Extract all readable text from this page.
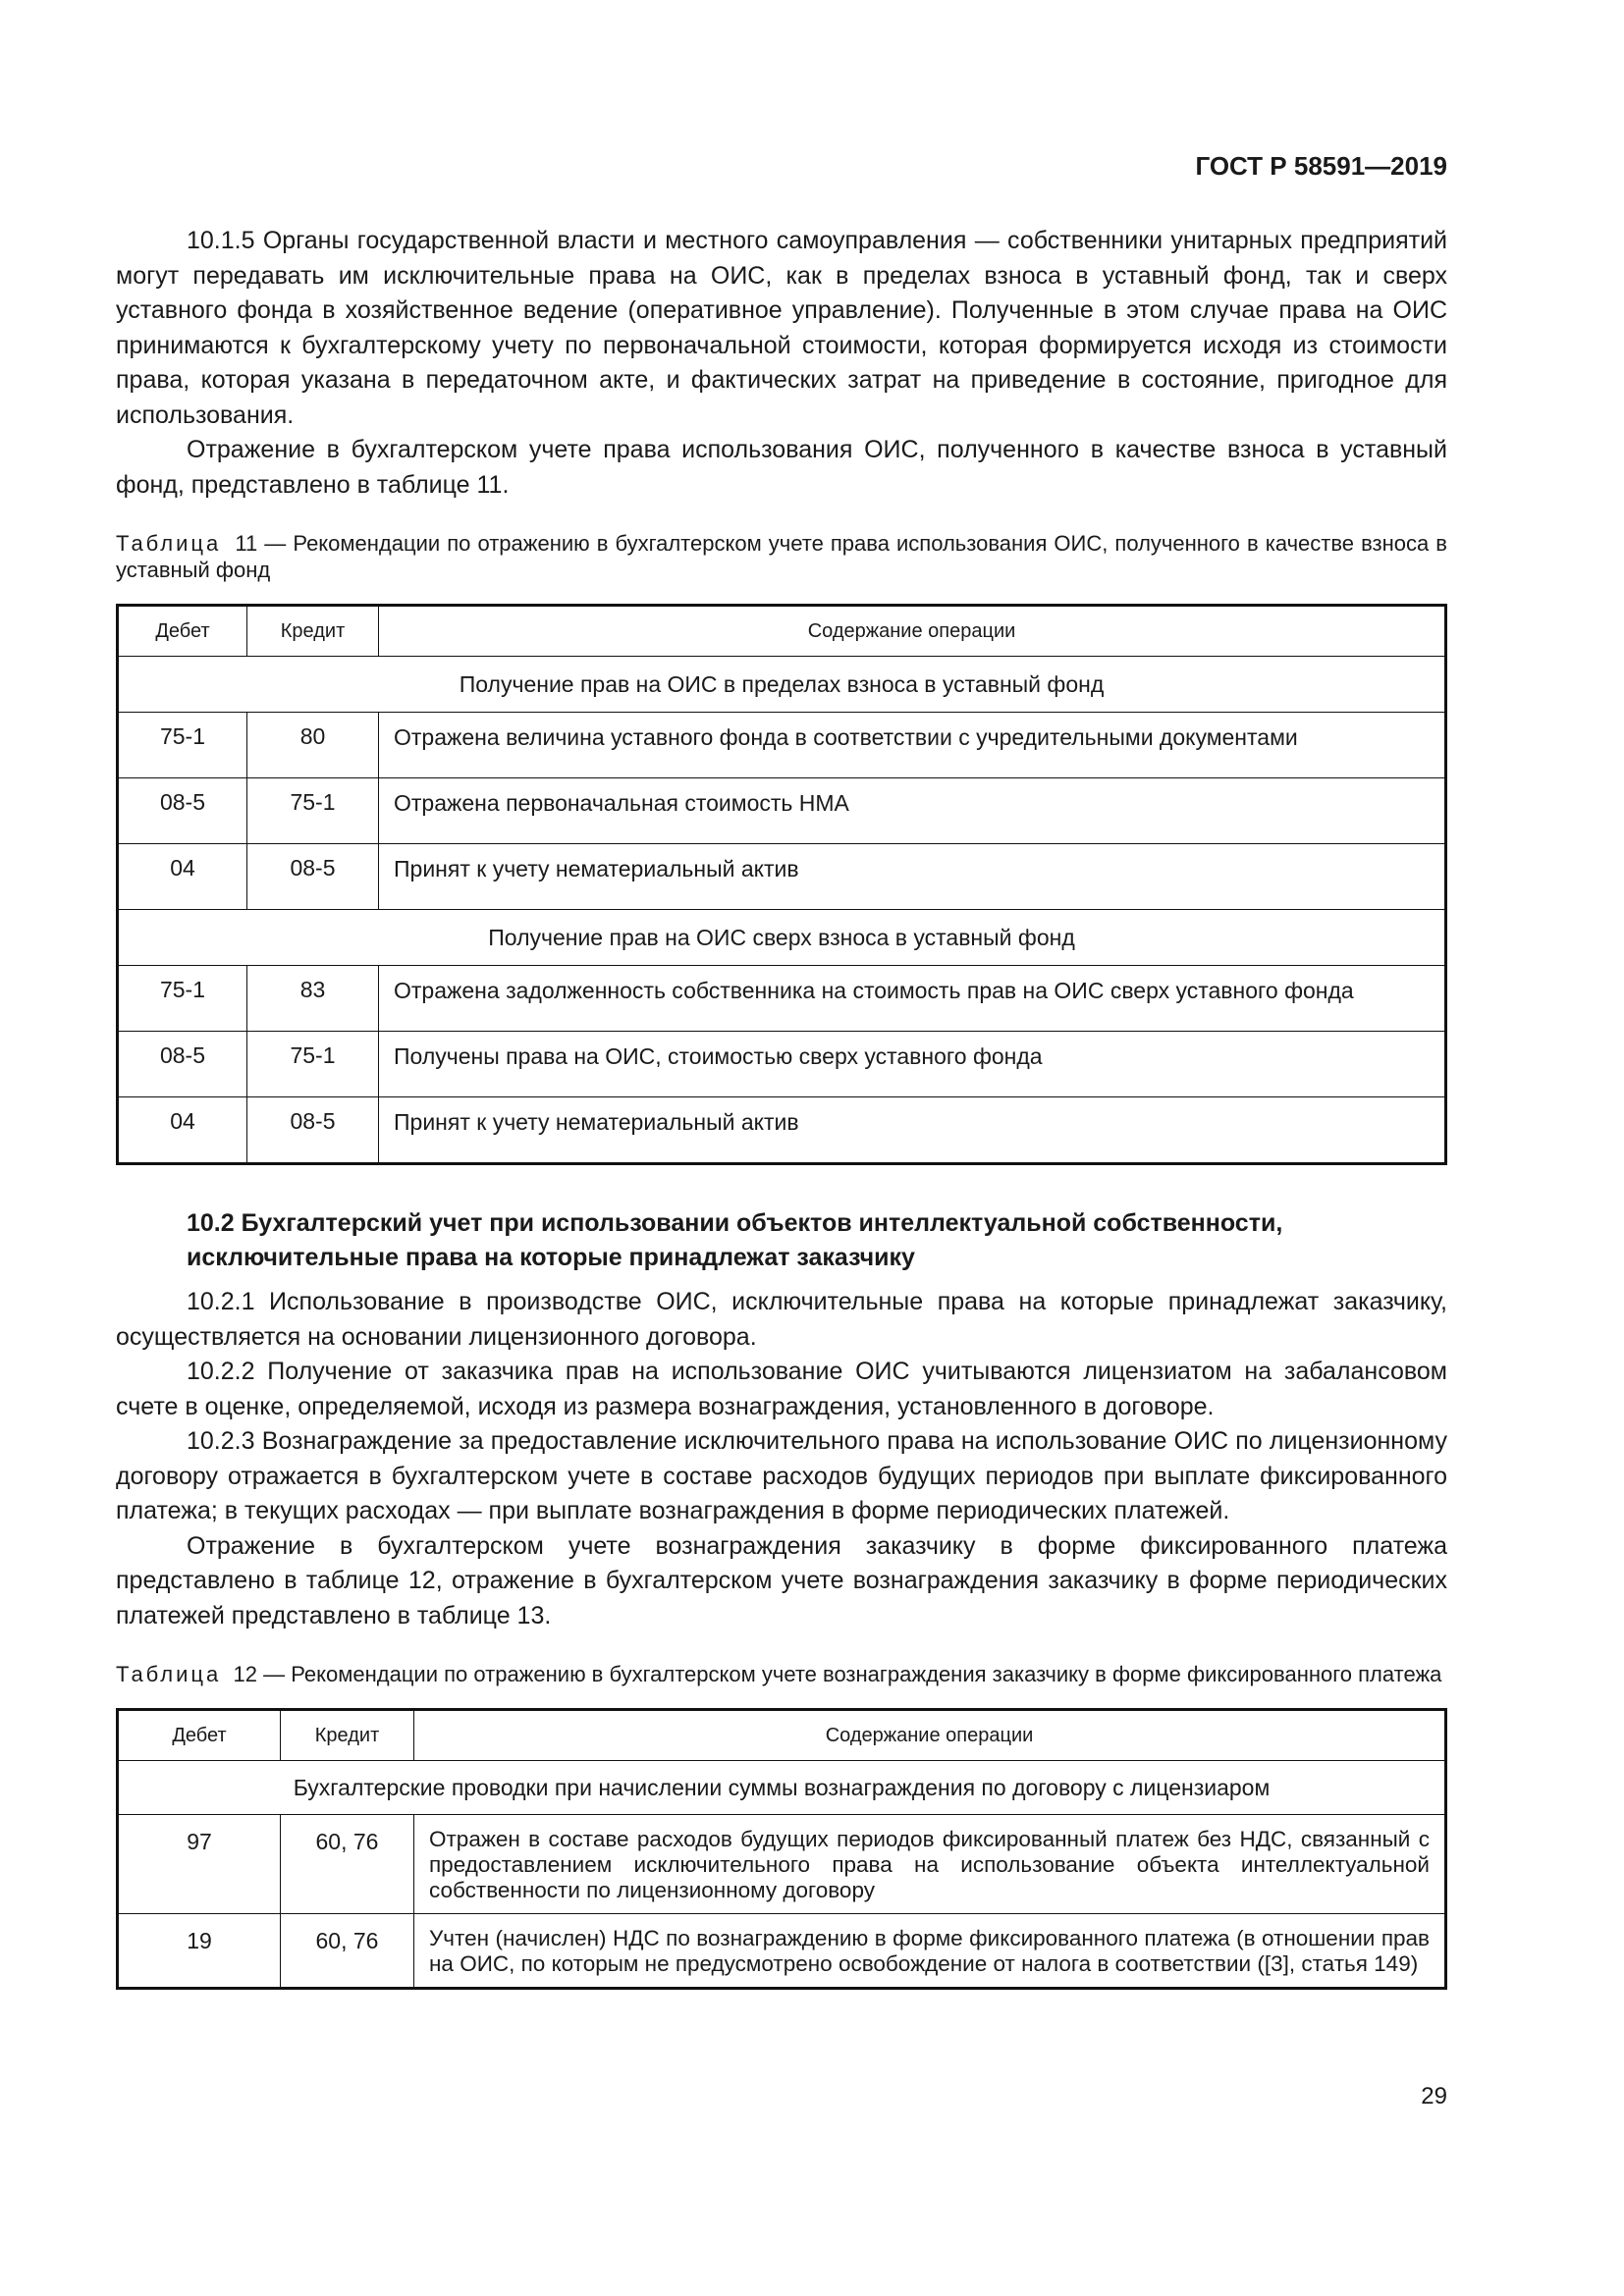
ГОСТ Р 58591—2019

10.1.5 Органы государственной власти и местного самоуправления — собственники унитарных предприятий могут передавать им исключительные права на ОИС, как в пределах взноса в уставный фонд, так и сверх уставного фонда в хозяйственное ведение (оперативное управление). Полученные в этом случае права на ОИС принимаются к бухгалтерскому учету по первоначальной стоимости, которая формируется исходя из стоимости права, которая указана в передаточном акте, и фактических затрат на приведение в состояние, пригодное для использования.

Отражение в бухгалтерском учете права использования ОИС, полученного в качестве взноса в уставный фонд, представлено в таблице 11.

Таблица 11 — Рекомендации по отражению в бухгалтерском учете права использования ОИС, полученного в качестве взноса в уставный фонд
Дебет	Кредит	Содержание операции
Получение прав на ОИС в пределах взноса в уставный фонд		
75-1	80	Отражена величина уставного фонда в соответствии с учредительными документами
08-5	75-1	Отражена первоначальная стоимость НМА
04	08-5	Принят к учету нематериальный актив
Получение прав на ОИС сверх взноса в уставный фонд		
75-1	83	Отражена задолженность собственника на стоимость прав на ОИС сверх уставного фонда
08-5	75-1	Получены права на ОИС, стоимостью сверх уставного фонда
04	08-5	Принят к учету нематериальный актив
10.2 Бухгалтерский учет при использовании объектов интеллектуальной собственности,
исключительные права на которые принадлежат заказчику

10.2.1 Использование в производстве ОИС, исключительные права на которые принадлежат заказчику, осуществляется на основании лицензионного договора.

10.2.2 Получение от заказчика прав на использование ОИС учитываются лицензиатом на забалансовом счете в оценке, определяемой, исходя из размера вознаграждения, установленного в договоре.

10.2.3 Вознаграждение за предоставление исключительного права на использование ОИС по лицензионному договору отражается в бухгалтерском учете в составе расходов будущих периодов при выплате фиксированного платежа; в текущих расходах — при выплате вознаграждения в форме периодических платежей.

Отражение в бухгалтерском учете вознаграждения заказчику в форме фиксированного платежа представлено в таблице 12, отражение в бухгалтерском учете вознаграждения заказчику в форме периодических платежей представлено в таблице 13.

Таблица 12 — Рекомендации по отражению в бухгалтерском учете вознаграждения заказчику в форме фиксированного платежа
Дебет	Кредит	Содержание операции
Бухгалтерские проводки при начислении суммы вознаграждения по договору с лицензиаром		
97	60, 76	Отражен в составе расходов будущих периодов фиксированный платеж без НДС, связанный с предоставлением исключительного права на использование объекта интеллектуальной собственности по лицензионному договору
19	60, 76	Учтен (начислен) НДС по вознаграждению в форме фиксированного платежа (в отношении прав на ОИС, по которым не предусмотрено освобождение от налога в соответствии ([3], статья 149)
29
